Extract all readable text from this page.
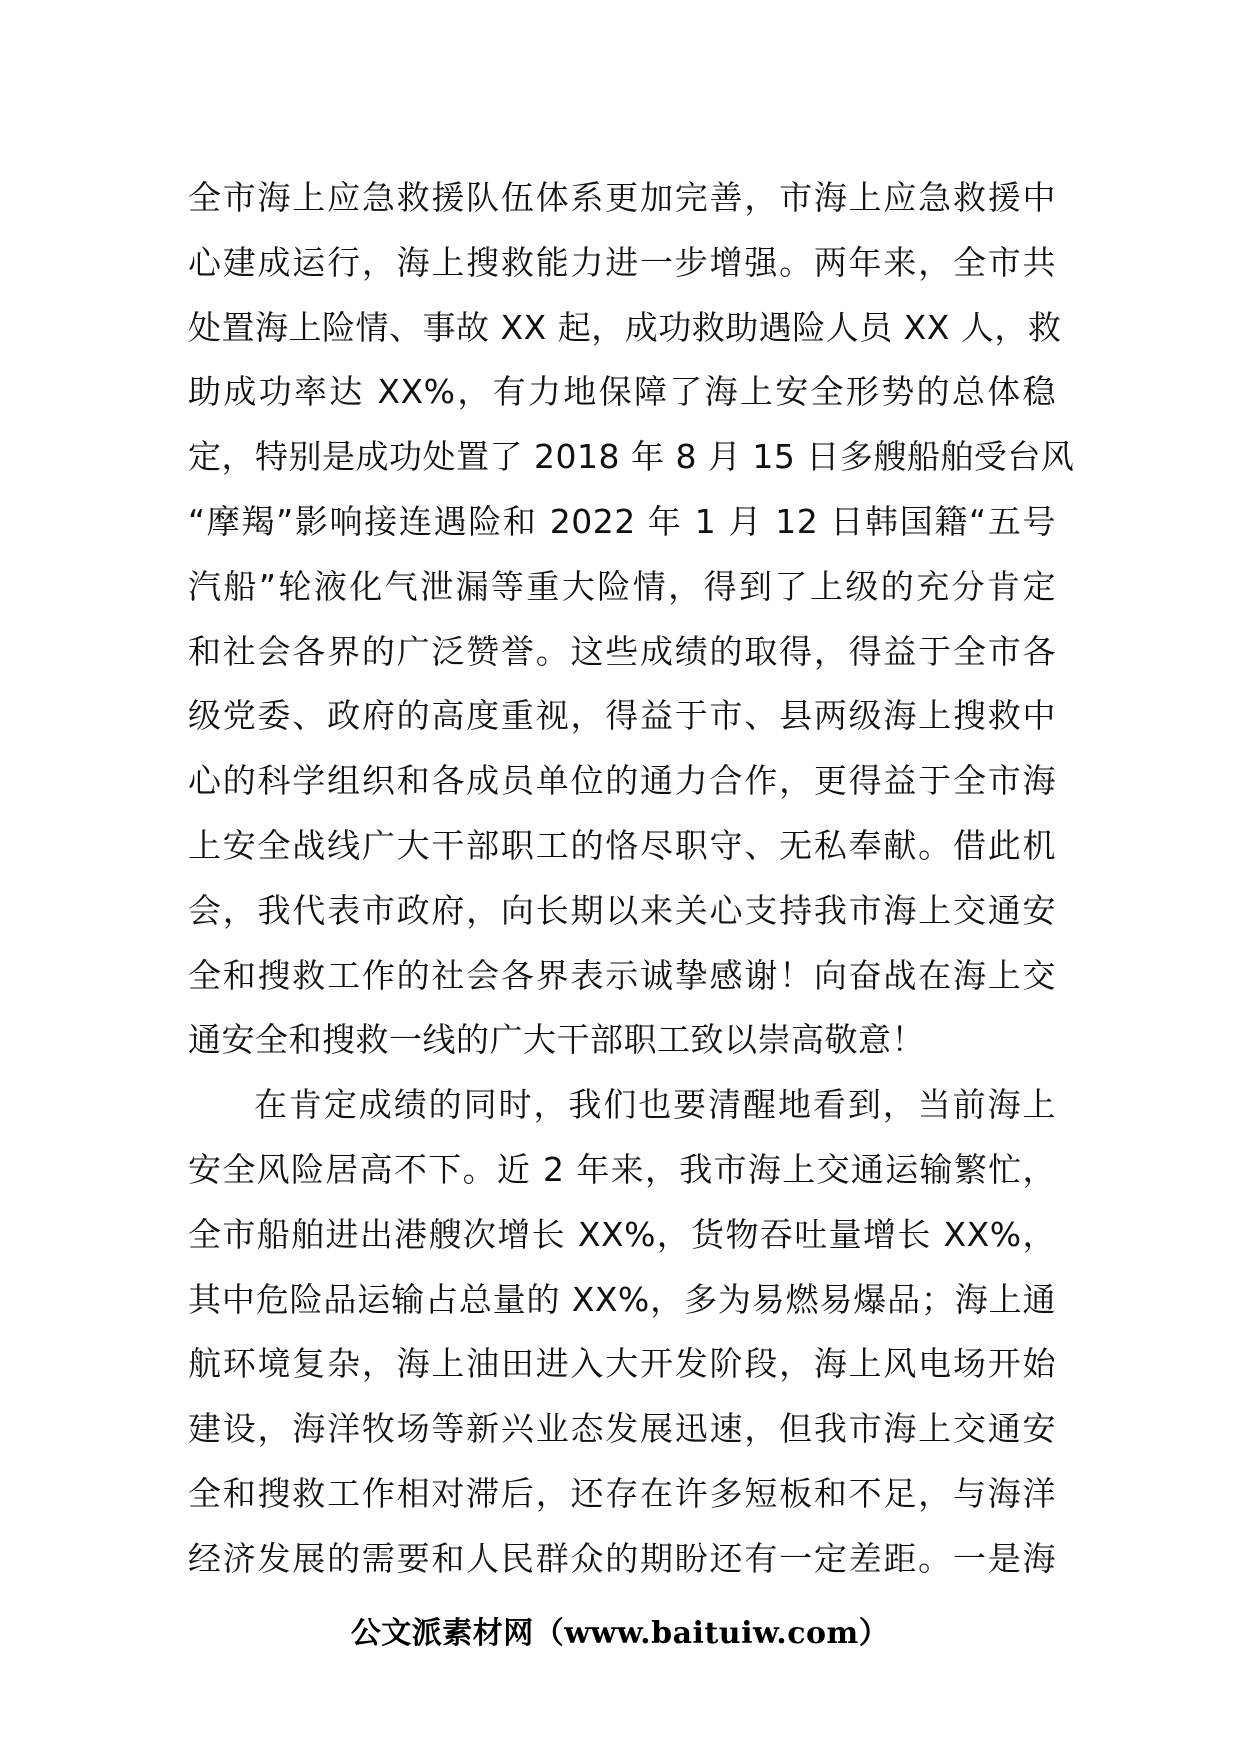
全市海上应急救援队伍体系更加完善，市海上应急救援中
心建成运行，海上搜救能力进一步增强。两年来，全市共
处置海上险情、事故 XX 起，成功救助遇险人员 XX 人，救
助成功率达 XX%，有力地保障了海上安全形势的总体稳
定，特别是成功处置了 2018 年 8 月 15 日多艘船舶受台风
“摩羯”影响接连遇险和 2022 年 1 月 12 日韩国籍“五号
汽船”轮液化气泄漏等重大险情，得到了上级的充分肯定
和社会各界的广泛赞誉。这些成绩的取得，得益于全市各
级党委、政府的高度重视，得益于市、县两级海上搜救中
心的科学组织和各成员单位的通力合作，更得益于全市海
上安全战线广大干部职工的恪尽职守、无私奉献。借此机
会，我代表市政府，向长期以来关心支持我市海上交通安
全和搜救工作的社会各界表示诚挚感谢！向奋战在海上交
通安全和搜救一线的广大干部职工致以崇高敬意！
在肯定成绩的同时，我们也要清醒地看到，当前海上
安全风险居高不下。近 2 年来，我市海上交通运输繁忙，
全市船舶进出港艘次增长 XX%，货物吞吐量增长 XX%，
其中危险品运输占总量的 XX%，多为易燃易爆品；海上通
航环境复杂，海上油田进入大开发阶段，海上风电场开始
建设，海洋牧场等新兴业态发展迅速，但我市海上交通安
全和搜救工作相对滞后，还存在许多短板和不足，与海洋
经济发展的需要和人民群众的期盼还有一定差距。一是海
公文派素材网（www.baituiw.com）
